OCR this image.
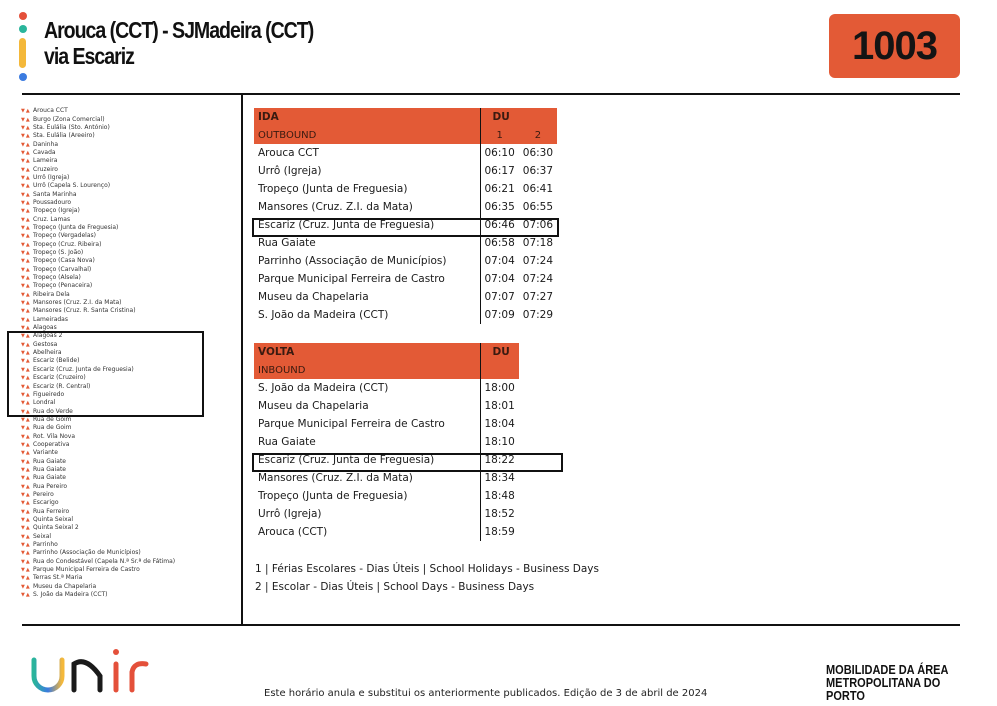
Arouca (CCT) - SJMadeira (CCT)
via Escariz	1003
▼ ▲ Arouca CCT
▼ ▲ Burgo (Zona Comercial)
▼ ▲ Sta. Eulália (Sto. António)
▼ ▲ Sta. Eulália (Areeiro)
▼ ▲ Daninha
▼ ▲ Cavada
▼ ▲ Lameira
▼ ▲ Cruzeiro
▼ ▲ Urrô (Igreja)
▼ ▲ Urrô (Capela S. Lourenço)
▼ ▲ Santa Marinha
▼ ▲ Poussadouro
▼ ▲ Tropeço (Igreja)
▼ ▲ Cruz. Lamas
▼ ▲ Tropeço (Junta de Freguesia)
▼ ▲ Tropeço (Vergadelas)
▼ ▲ Tropeço (Cruz. Ribeira)
▼ ▲ Tropeço (S. João)
▼ ▲ Tropeço (Casa Nova)
▼ ▲ Tropeço (Carvalhal)
▼ ▲ Tropeço (Alsela)
▼ ▲ Tropeço (Penaceira)
▼ ▲ Ribeira Dela
▼ ▲ Mansores (Cruz. Z.I. da Mata)
▼ ▲ Mansores (Cruz. R. Santa Cristina)
▼ ▲ Lameiradas
▼ ▲ Alagoas
▼ ▲ Alagoas 2
▼ ▲ Gestosa
▼ ▲ Abelheira
▼ ▲ Escariz (Belide)
▼ ▲ Escariz (Cruz. Junta de Freguesia)
▼ ▲ Escariz (Cruzeiro)
▼ ▲ Escariz (R. Central)
▼ ▲ Figueiredo
▼ ▲ Londral
▼ ▲ Rua do Verde
▼ ▲ Rua de Goim
▼ ▲ Rua de Goim
▼ ▲ Rot. Vila Nova
▼ ▲ Cooperativa
▼ ▲ Variante
▼ ▲ Rua Gaiate
▼ ▲ Rua Gaiate
▼ ▲ Rua Gaiate
▼ ▲ Rua Pereiro
▼ ▲ Pereiro
▼ ▲ Escarigo
▼ ▲ Rua Ferreiro
▼ ▲ Quinta Seixal
▼ ▲ Quinta Seixal 2
▼ ▲ Seixal
▼ ▲ Parrinho
▼ ▲ Parrinho (Associação de Municípios)
▼ ▲ Rua do Condestável (Capela N.ª Sr.ª de Fátima)
▼ ▲ Parque Municipal Ferreira de Castro
▼ ▲ Terras St.ª Maria
▼ ▲ Museu da Chapelaria
▼ ▲ S. João da Madeira (CCT)
IDA	DU	
OUTBOUND	1	2
Arouca CCT	06:10	06:30
Urrô (Igreja)	06:17	06:37
Tropeço (Junta de Freguesia)	06:21	06:41
Mansores (Cruz. Z.I. da Mata)	06:35	06:55
Escariz (Cruz. Junta de Freguesia)	06:46	07:06
Rua Gaiate	06:58	07:18
Parrinho (Associação de Municípios)	07:04	07:24
Parque Municipal Ferreira de Castro	07:04	07:24
Museu da Chapelaria	07:07	07:27
S. João da Madeira (CCT)	07:09	07:29
VOLTA	DU
INBOUND	
S. João da Madeira (CCT)	18:00
Museu da Chapelaria	18:01
Parque Municipal Ferreira de Castro	18:04
Rua Gaiate	18:10
Escariz (Cruz. Junta de Freguesia)	18:22
Mansores (Cruz. Z.I. da Mata)	18:34
Tropeço (Junta de Freguesia)	18:48
Urrô (Igreja)	18:52
Arouca (CCT)	18:59
1 | Férias Escolares - Dias Úteis | School Holidays - Business Days
2 | Escolar - Dias Úteis | School Days - Business Days
Este horário anula e substitui os anteriormente publicados. Edição de 3 de abril de 2024
MOBILIDADE DA ÁREA
METROPOLITANA DO PORTO
